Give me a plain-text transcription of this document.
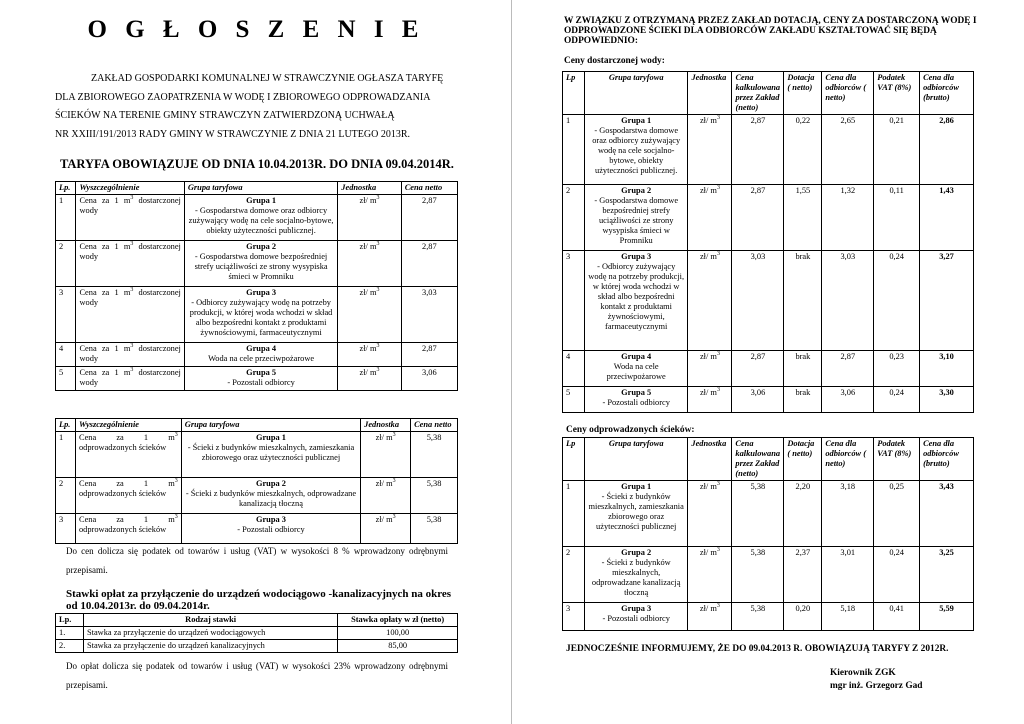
O G Ł O S Z E N I E

ZAKŁAD GOSPODARKI KOMUNALNEJ W STRAWCZYNIE OGŁASZA TARYFĘ

DLA ZBIOROWEGO ZAOPATRZENIA W WODĘ I ZBIOROWEGO ODPROWADZANIA

ŚCIEKÓW NA TERENIE GMINY STRAWCZYN ZATWIERDZONĄ UCHWAŁĄ

NR XXIII/191/2013 RADY GMINY W STRAWCZYNIE Z DNIA 21 LUTEGO 2013R.

TARYFA OBOWIĄZUJE OD DNIA 10.04.2013R. DO DNIA 09.04.2014R.
Lp.	Wyszczególnienie	Grupa taryfowa	Jednostka	Cena netto
1	Cena za 1 $m^3$ dostarczonej wody	Grupa 1
- Gospodarstwa domowe oraz odbiorcy zużywający wodę na cele socjalno-bytowe, obiekty użyteczności publicznej.	zł/ $m^3$	2,87
2	Cena za 1 $m^3$ dostarczonej wody	Grupa 2
- Gospodarstwa domowe bezpośredniej strefy uciążliwości ze strony wysypiska śmieci w Promniku	zł/ $m^3$	2,87
3	Cena za 1 $m^3$ dostarczonej wody	Grupa 3
- Odbiorcy zużywający wodę na potrzeby produkcji, w której woda wchodzi w skład albo bezpośredni kontakt z produktami żywnościowymi, farmaceutycznymi	zł/ $m^3$	3,03
4	Cena za 1 $m^3$ dostarczonej wody	Grupa 4
Woda na cele przeciwpożarowe	zł/ $m^3$	2,87
5	Cena za 1 $m^3$ dostarczonej wody	Grupa 5
- Pozostali odbiorcy	zł/ $m^3$	3,06
Lp.	Wyszczególnienie	Grupa taryfowa	Jednostka	Cena netto
1	Cena za 1 $m^3$ odprowadzonych ścieków	Grupa 1
- Ścieki z budynków mieszkalnych, zamieszkania zbiorowego oraz użyteczności publicznej	zł/ $m^3$	5,38
2	Cena za 1 $m^3$ odprowadzonych ścieków	Grupa 2
- Ścieki z budynków mieszkalnych, odprowadzane kanalizacją tłoczną	zł/ $m^3$	5,38
3	Cena za 1 $m^3$ odprowadzonych ścieków	Grupa 3
- Pozostali odbiorcy	zł/ $m^3$	5,38
Do cen dolicza się podatek od towarów i usług (VAT) w wysokości 8 % wprowadzony odrębnymi przepisami.
Stawki opłat za przyłączenie do urządzeń wodociągowo -kanalizacyjnych na okres od 10.04.2013r. do 09.04.2014r.
Lp.	Rodzaj stawki	Stawka opłaty w zł (netto)
1.	Stawka za przyłączenie do urządzeń wodociągowych	100,00
2.	Stawka za przyłączenie do urządzeń kanalizacyjnych	85,00
Do opłat dolicza się podatek od towarów i usług (VAT) w wysokości 23% wprowadzony odrębnymi przepisami.
W ZWIĄZKU Z OTRZYMANĄ PRZEZ ZAKŁAD DOTACJĄ, CENY ZA DOSTARCZONĄ WODĘ I ODPROWADZONE ŚCIEKI DLA ODBIORCÓW ZAKŁADU KSZTAŁTOWAĆ SIĘ BĘDĄ ODPOWIEDNIO:
Ceny dostarczonej wody:
Lp	Grupa taryfowa	Jednostka	Cena kalkulowana przez Zakład (netto)	Dotacja ( netto)	Cena dla odbiorców ( netto)	Podatek VAT (8%)	Cena dla odbiorców (brutto)
1	Grupa 1
- Gospodarstwa domowe oraz odbiorcy zużywający wodę na cele socjalno-bytowe, obiekty użyteczności publicznej.	zł/ $m^3$	2,87	0,22	2,65	0,21	2,86
2	Grupa 2
- Gospodarstwa domowe bezpośredniej strefy uciążliwości ze strony wysypiska śmieci w Promniku	zł/ $m^3$	2,87	1,55	1,32	0,11	1,43
3	Grupa 3
- Odbiorcy zużywający wodę na potrzeby produkcji, w której woda wchodzi w skład albo bezpośredni kontakt z produktami żywnościowymi, farmaceutycznymi	zł/ $m^3$	3,03	brak	3,03	0,24	3,27
4	Grupa 4
Woda na cele przeciwpożarowe	zł/ $m^3$	2,87	brak	2,87	0,23	3,10
5	Grupa 5
- Pozostali odbiorcy	zł/ $m^3$	3,06	brak	3,06	0,24	3,30
Ceny odprowadzonych ścieków:
Lp	Grupa taryfowa	Jednostka	Cena kalkulowana przez Zakład (netto)	Dotacja ( netto)	Cena dla odbiorców ( netto)	Podatek VAT (8%)	Cena dla odbiorców (brutto)
1	Grupa 1
- Ścieki z budynków mieszkalnych, zamieszkania zbiorowego oraz użyteczności publicznej	zł/ $m^3$	5,38	2,20	3,18	0,25	3,43
2	Grupa 2
- Ścieki z budynków mieszkalnych, odprowadzane kanalizacją tłoczną	zł/ $m^3$	5,38	2,37	3,01	0,24	3,25
3	Grupa 3
- Pozostali odbiorcy	zł/ $m^3$	5,38	0,20	5,18	0,41	5,59
JEDNOCZEŚNIE INFORMUJEMY, ŻE DO 09.04.2013 R. OBOWIĄZUJĄ TARYFY Z 2012R.
Kierownik ZGK
mgr inż. Grzegorz Gad
